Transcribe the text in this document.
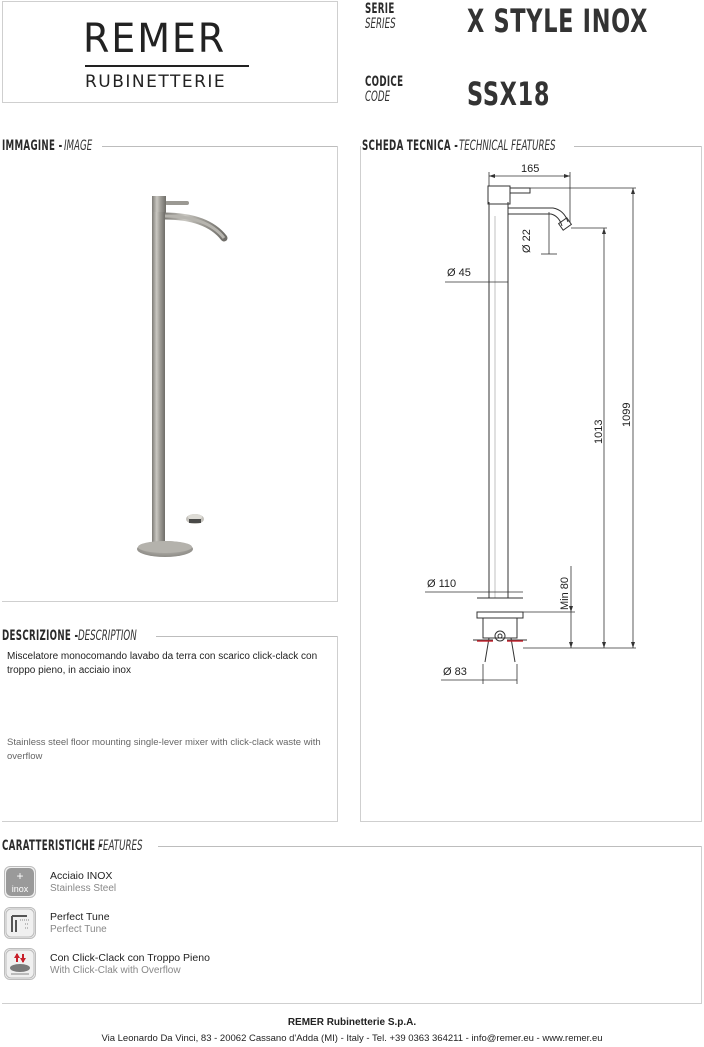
REMER
RUBINETTERIE
SERIE
SERIES X STYLE INOX
CODICE
CODE SSX18
IMMAGINE - IMAGE	SCHEDA TECNICA - TECHNICAL FEATURES
165
Ø 22
Ø 45
1013
1099
Ø 110	Min 80
Ø 83
DESCRIZIONE - DESCRIPTION
Miscelatore monocomando lavabo da terra con scarico click-clack con troppo pieno, in acciaio inox
Stainless steel floor mounting single-lever mixer with click-clack waste with overflow
CARATTERISTICHE -
FEATURES
+
inox
Acciaio INOX
Stainless Steel
Perfect Tune
Perfect Tune
Con Click-Clack con Troppo Pieno
With Click-Clak with Overflow
REMER Rubinetterie S.p.A.
Via Leonardo Da Vinci, 83 - 20062 Cassano d'Adda (MI) - Italy - Tel. +39 0363 364211 - info@remer.eu - www.remer.eu
